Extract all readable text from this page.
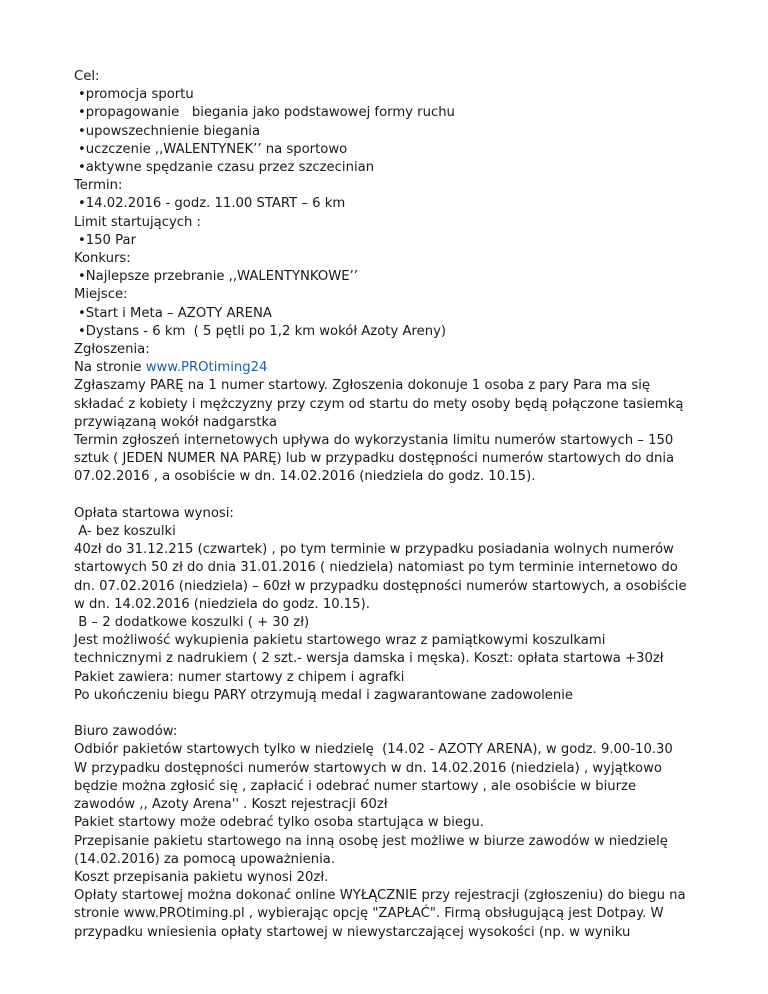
Cel:
•promocja sportu
•propagowanie   biegania jako podstawowej formy ruchu
•upowszechnienie biegania
•uczczenie ,,WALENTYNEK’’ na sportowo
•aktywne spędzanie czasu przez szczecinian
Termin:
•14.02.2016 - godz. 11.00 START – 6 km
Limit startujących :
•150 Par
Konkurs:
•Najlepsze przebranie ,,WALENTYNKOWE’’
Miejsce:
•Start i Meta – AZOTY ARENA
•Dystans - 6 km  ( 5 pętli po 1,2 km wokół Azoty Areny)
Zgłoszenia:
Na stronie www.PROtiming24
Zgłaszamy PARĘ na 1 numer startowy. Zgłoszenia dokonuje 1 osoba z pary Para ma się składać z kobiety i mężczyzny przy czym od startu do mety osoby będą połączone tasiemką przywiązaną wokół nadgarstka
Termin zgłoszeń internetowych upływa do wykorzystania limitu numerów startowych – 150 sztuk ( JEDEN NUMER NA PARĘ) lub w przypadku dostępności numerów startowych do dnia 07.02.2016 , a osobiście w dn. 14.02.2016 (niedziela do godz. 10.15).
Opłata startowa wynosi:
A- bez koszulki
40zł do 31.12.215 (czwartek) , po tym terminie w przypadku posiadania wolnych numerów startowych 50 zł do dnia 31.01.2016 ( niedziela) natomiast po tym terminie internetowo do dn. 07.02.2016 (niedziela) – 60zł w przypadku dostępności numerów startowych, a osobiście w dn. 14.02.2016 (niedziela do godz. 10.15).
B – 2 dodatkowe koszulki ( + 30 zł)
Jest możliwość wykupienia pakietu startowego wraz z pamiątkowymi koszulkami technicznymi z nadrukiem ( 2 szt.- wersja damska i męska). Koszt: opłata startowa +30zł
Pakiet zawiera: numer startowy z chipem i agrafki
Po ukończeniu biegu PARY otrzymują medal i zagwarantowane zadowolenie
Biuro zawodów:
Odbiór pakietów startowych tylko w niedzielę  (14.02 - AZOTY ARENA), w godz. 9.00-10.30
W przypadku dostępności numerów startowych w dn. 14.02.2016 (niedziela) , wyjątkowo będzie można zgłosić się , zapłacić i odebrać numer startowy , ale osobiście w biurze zawodów ,, Azoty Arena'' . Koszt rejestracji 60zł
Pakiet startowy może odebrać tylko osoba startująca w biegu.
Przepisanie pakietu startowego na inną osobę jest możliwe w biurze zawodów w niedzielę (14.02.2016) za pomocą upoważnienia.
Koszt przepisania pakietu wynosi 20zł.
Opłaty startowej można dokonać online WYŁĄCZNIE przy rejestracji (zgłoszeniu) do biegu na stronie www.PROtiming.pl , wybierając opcję "ZAPŁAĆ". Firmą obsługującą jest Dotpay. W przypadku wniesienia opłaty startowej w niewystarczającej wysokości (np. w wyniku
